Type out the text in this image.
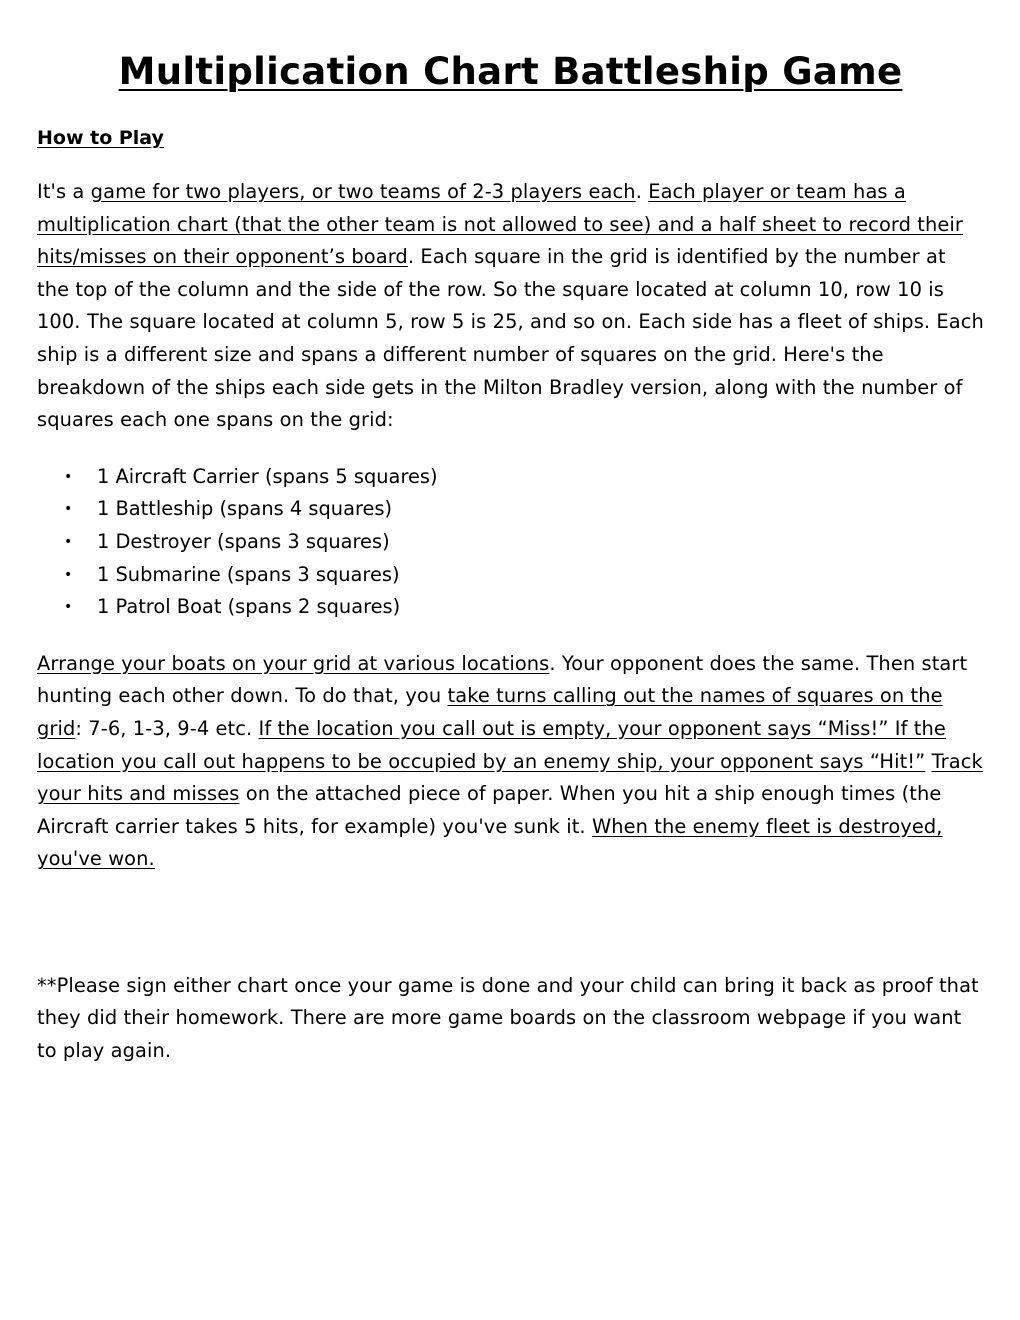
Multiplication Chart Battleship Game
How to Play

It's a game for two players, or two teams of 2-3 players each. Each player or team has a multiplication chart (that the other team is not allowed to see) and a half sheet to record their hits/misses on their opponent’s board. Each square in the grid is identified by the number at the top of the column and the side of the row. So the square located at column 10, row 10 is 100. The square located at column 5, row 5 is 25, and so on. Each side has a fleet of ships. Each ship is a different size and spans a different number of squares on the grid. Here's the breakdown of the ships each side gets in the Milton Bradley version, along with the number of squares each one spans on the grid:

• 1 Aircraft Carrier (spans 5 squares)
• 1 Battleship (spans 4 squares)
• 1 Destroyer (spans 3 squares)
• 1 Submarine (spans 3 squares)
• 1 Patrol Boat (spans 2 squares)

Arrange your boats on your grid at various locations. Your opponent does the same. Then start hunting each other down. To do that, you take turns calling out the names of squares on the grid: 7-6, 1-3, 9-4 etc. If the location you call out is empty, your opponent says “Miss!” If the location you call out happens to be occupied by an enemy ship, your opponent says “Hit!” Track your hits and misses on the attached piece of paper. When you hit a ship enough times (the Aircraft carrier takes 5 hits, for example) you've sunk it. When the enemy fleet is destroyed, you've won.

**Please sign either chart once your game is done and your child can bring it back as proof that they did their homework. There are more game boards on the classroom webpage if you want to play again.
